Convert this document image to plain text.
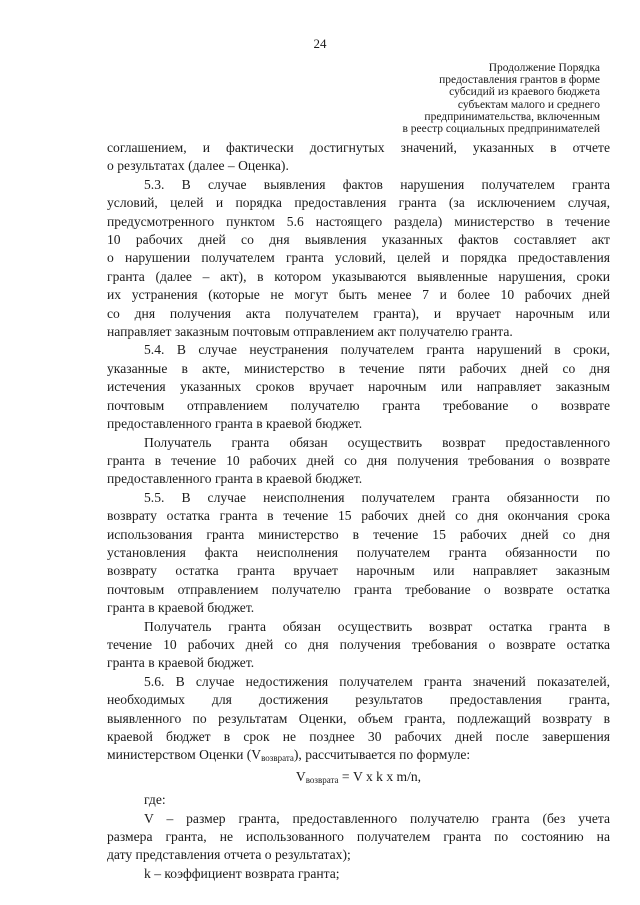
24
Продолжение Порядка
предоставления грантов в форме
субсидий из краевого бюджета
субъектам малого и среднего
предпринимательства, включенным
в реестр социальных предпринимателей
соглашением, и фактически достигнутых значений, указанных в отчете
о результатах (далее – Оценка).
5.3. В случае выявления фактов нарушения получателем гранта
условий, целей и порядка предоставления гранта (за исключением случая,
предусмотренного пунктом 5.6 настоящего раздела) министерство в течение
10 рабочих дней со дня выявления указанных фактов составляет акт
о нарушении получателем гранта условий, целей и порядка предоставления
гранта (далее – акт), в котором указываются выявленные нарушения, сроки
их устранения (которые не могут быть менее 7 и более 10 рабочих дней
со дня получения акта получателем гранта), и вручает нарочным или
направляет заказным почтовым отправлением акт получателю гранта.
5.4. В случае неустранения получателем гранта нарушений в сроки,
указанные в акте, министерство в течение пяти рабочих дней со дня
истечения указанных сроков вручает нарочным или направляет заказным
почтовым отправлением получателю гранта требование о возврате
предоставленного гранта в краевой бюджет.
Получатель гранта обязан осуществить возврат предоставленного
гранта в течение 10 рабочих дней со дня получения требования о возврате
предоставленного гранта в краевой бюджет.
5.5. В случае неисполнения получателем гранта обязанности по
возврату остатка гранта в течение 15 рабочих дней со дня окончания срока
использования гранта министерство в течение 15 рабочих дней со дня
установления факта неисполнения получателем гранта обязанности по
возврату остатка гранта вручает нарочным или направляет заказным
почтовым отправлением получателю гранта требование о возврате остатка
гранта в краевой бюджет.
Получатель гранта обязан осуществить возврат остатка гранта в
течение 10 рабочих дней со дня получения требования о возврате остатка
гранта в краевой бюджет.
5.6. В случае недостижения получателем гранта значений показателей,
необходимых для достижения результатов предоставления гранта,
выявленного по результатам Оценки, объем гранта, подлежащий возврату в
краевой бюджет в срок не позднее 30 рабочих дней после завершения
министерством Оценки $(V_{возврата})$, рассчитывается по формуле:
$V_{возврата} = V$ x k x m/n,
где:
V – размер гранта, предоставленного получателю гранта (без учета
размера гранта, не использованного получателем гранта по состоянию на
дату представления отчета о результатах);
k – коэффициент возврата гранта;
